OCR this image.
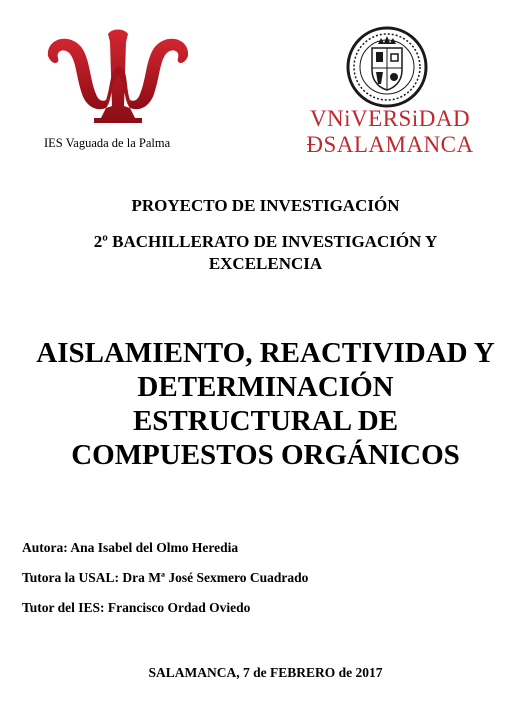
IES Vaguada de la Palma
VNiVERSiDAD
ÐSALAMANCA
PROYECTO DE INVESTIGACIÓN
2º BACHILLERATO DE INVESTIGACIÓN Y
EXCELENCIA
AISLAMIENTO, REACTIVIDAD Y
DETERMINACIÓN
ESTRUCTURAL DE
COMPUESTOS ORGÁNICOS
Autora: Ana Isabel del Olmo Heredia
Tutora la USAL: Dra Mª José Sexmero Cuadrado
Tutor del IES: Francisco Ordad Oviedo
SALAMANCA, 7 de FEBRERO de 2017
